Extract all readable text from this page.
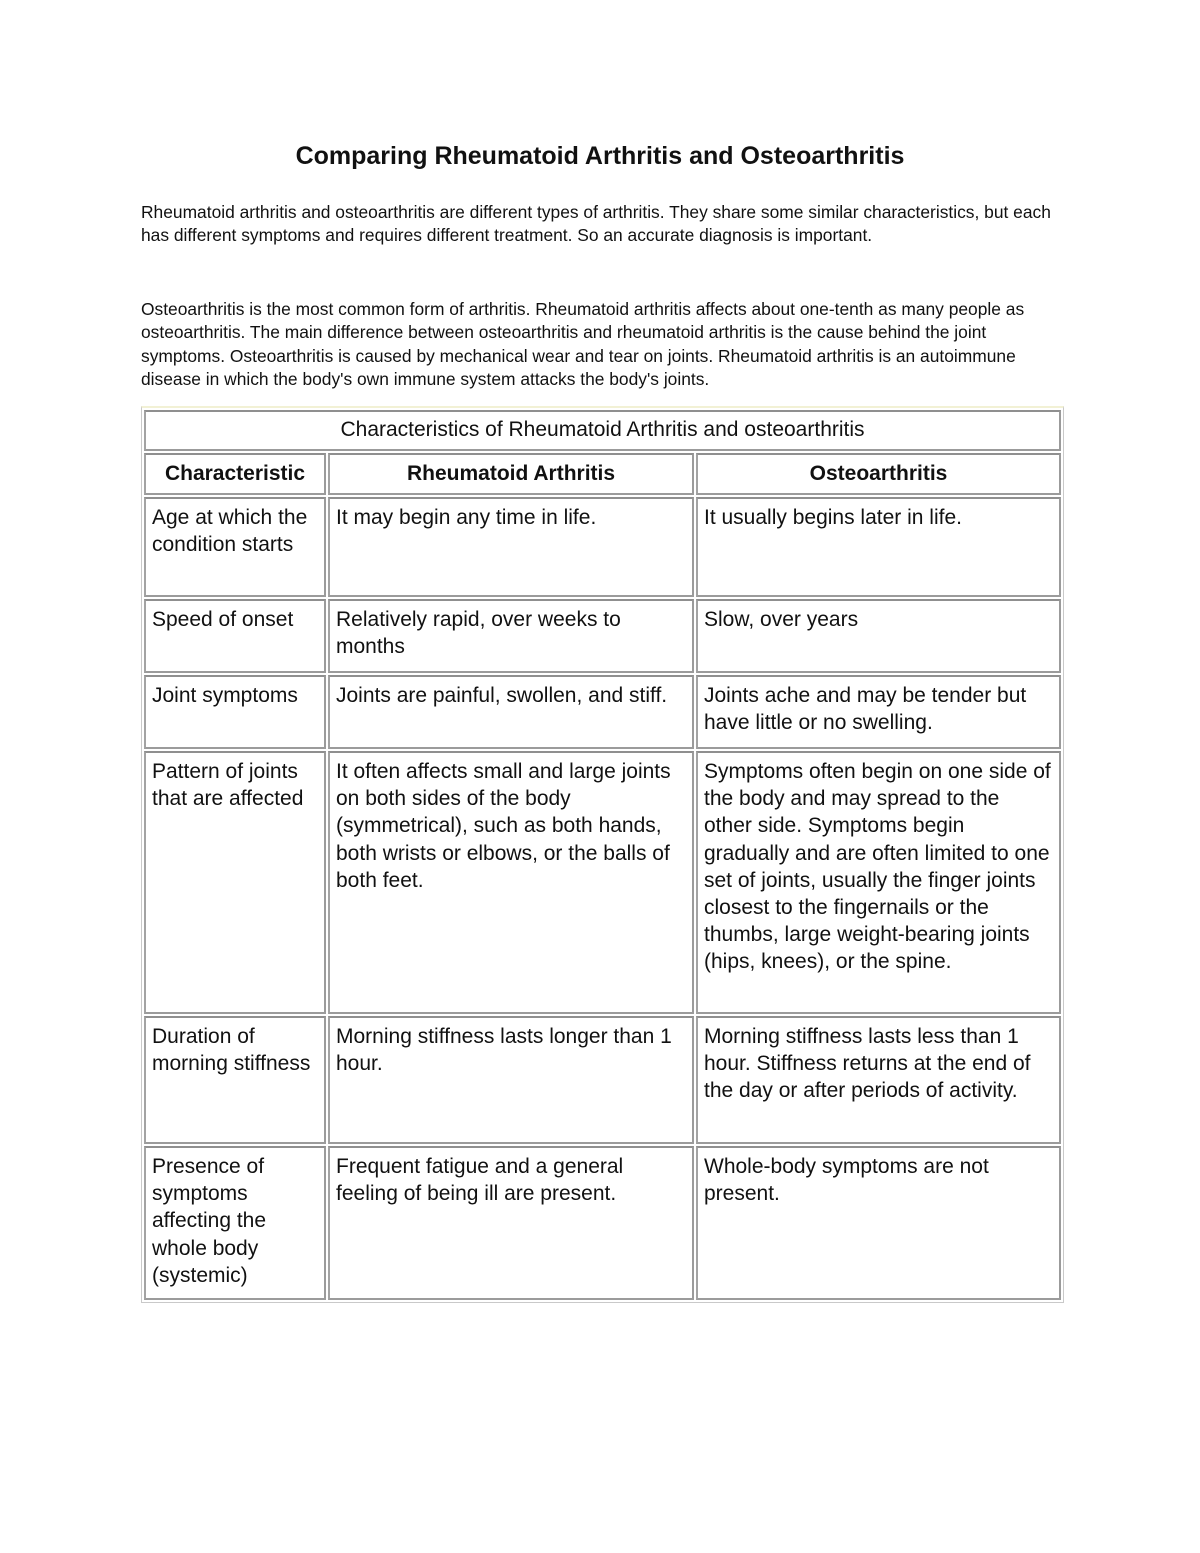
Comparing Rheumatoid Arthritis and Osteoarthritis

Rheumatoid arthritis and osteoarthritis are different types of arthritis. They share some similar characteristics, but each has different symptoms and requires different treatment. So an accurate diagnosis is important.

Osteoarthritis is the most common form of arthritis. Rheumatoid arthritis affects about one-tenth as many people as osteoarthritis. The main difference between osteoarthritis and rheumatoid arthritis is the cause behind the joint symptoms. Osteoarthritis is caused by mechanical wear and tear on joints. Rheumatoid arthritis is an autoimmune disease in which the body's own immune system attacks the body's joints.

Characteristics of Rheumatoid Arthritis and osteoarthritis		
Characteristic	Rheumatoid Arthritis	Osteoarthritis
Age at which the condition starts	It may begin any time in life.	It usually begins later in life.
Speed of onset	Relatively rapid, over weeks to months	Slow, over years
Joint symptoms	Joints are painful, swollen, and stiff.	Joints ache and may be tender but have little or no swelling.
Pattern of joints that are affected	It often affects small and large joints on both sides of the body (symmetrical), such as both hands, both wrists or elbows, or the balls of both feet.	Symptoms often begin on one side of the body and may spread to the other side. Symptoms begin gradually and are often limited to one set of joints, usually the finger joints closest to the fingernails or the thumbs, large weight-bearing joints (hips, knees), or the spine.
Duration of morning stiffness	Morning stiffness lasts longer than 1 hour.	Morning stiffness lasts less than 1 hour. Stiffness returns at the end of the day or after periods of activity.
Presence of symptoms affecting the whole body (systemic)	Frequent fatigue and a general feeling of being ill are present.	Whole-body symptoms are not present.
